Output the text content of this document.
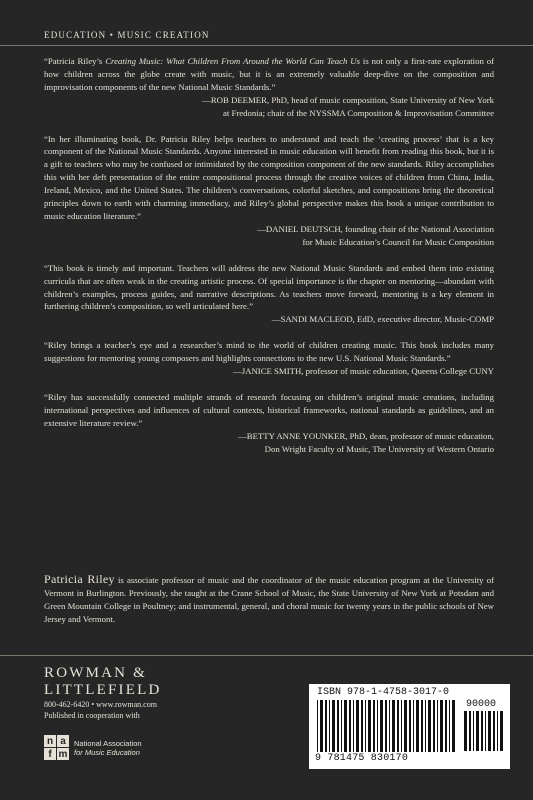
EDUCATION • MUSIC CREATION

“Patricia Riley’s Creating Music: What Children From Around the World Can Teach Us is not only a first-rate exploration of how children across the globe create with music, but it is an extremely valuable deep-dive on the composition and improvisation components of the new National Music Standards.”
—ROB DEEMER, PhD, head of music composition, State University of New York
at Fredonia; chair of the NYSSMA Composition & Improvisation Committee

“In her illuminating book, Dr. Patricia Riley helps teachers to understand and teach the ‘creating process’ that is a key component of the National Music Standards. Anyone interested in music education will benefit from reading this book, but it is a gift to teachers who may be confused or intimidated by the composition component of the new standards. Riley accomplishes this with her deft presentation of the entire compositional process through the creative voices of children from China, India, Ireland, Mexico, and the United States. The children’s conversations, colorful sketches, and compositions bring the theoretical principles down to earth with charming immediacy, and Riley’s global perspective makes this book a unique contribution to music education literature.”
—DANIEL DEUTSCH, founding chair of the National Association
for Music Education’s Council for Music Composition

“This book is timely and important. Teachers will address the new National Music Standards and embed them into existing curricula that are often weak in the creating artistic process. Of special importance is the chapter on mentoring—abundant with children’s examples, process guides, and narrative descriptions. As teachers move forward, mentoring is a key element in furthering children’s composition, so well articulated here.”
—SANDI MACLEOD, EdD, executive director, Music-COMP

“Riley brings a teacher’s eye and a researcher’s mind to the world of children creating music. This book includes many suggestions for mentoring young composers and highlights connections to the new U.S. National Music Standards.”
—JANICE SMITH, professor of music education, Queens College CUNY

“Riley has successfully connected multiple strands of research focusing on children’s original music creations, including international perspectives and influences of cultural contexts, historical frameworks, national standards as guidelines, and an extensive literature review.”
—BETTY ANNE YOUNKER, PhD, dean, professor of music education,
Don Wright Faculty of Music, The University of Western Ontario

Patricia Riley is associate professor of music and the coordinator of the music education program at the University of Vermont in Burlington. Previously, she taught at the Crane School of Music, the State University of New York at Potsdam and Green Mountain College in Poultney; and instrumental, general, and choral music for twenty years in the public schools of New Jersey and Vermont.
ROWMAN &
LITTLEFIELD
800-462-6420 • www.rowman.com
Published in cooperation with
n a
f m
National Association
for Music Education
ISBN 978-1-4758-3017-0
90000
9 781475 830170
